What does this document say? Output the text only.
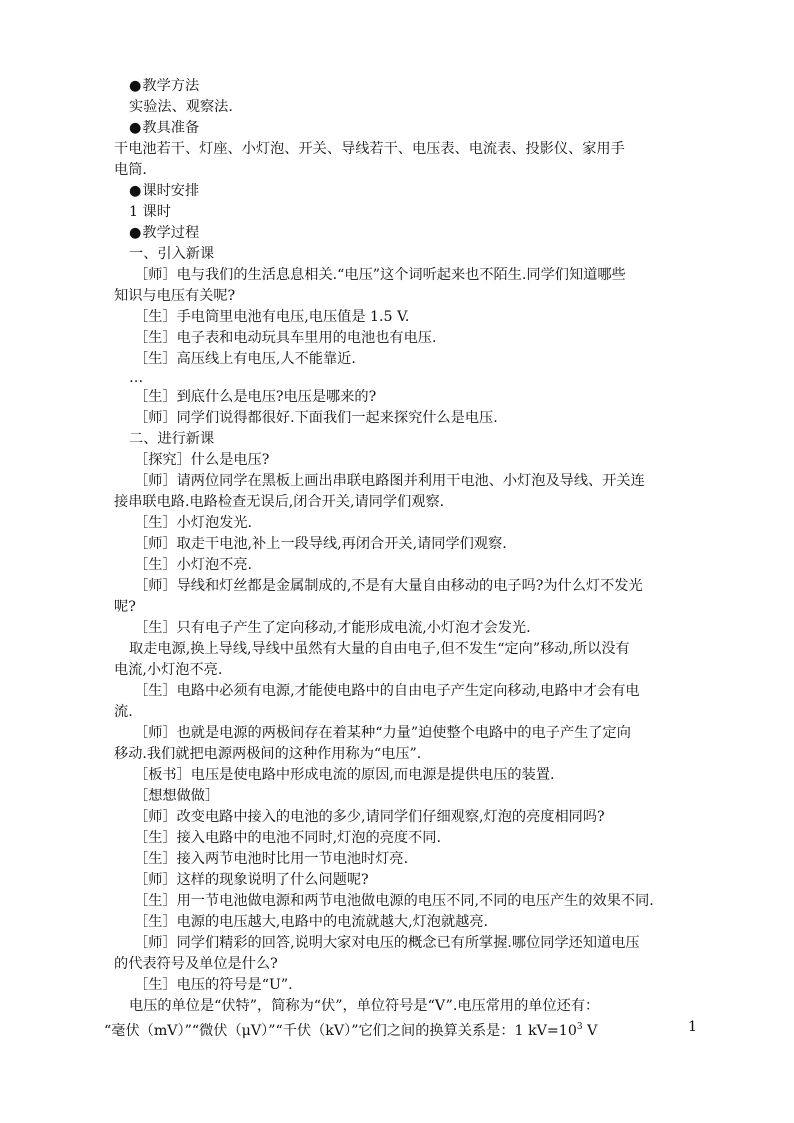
● 教学方法
实验法、观察法.
● 教具准备
干电池若干、灯座、小灯泡、开关、导线若干、电压表、电流表、投影仪、家用手
电筒.
● 课时安排
1 课时
● 教学过程
一、引入新课
［师］电与我们的生活息息相关.“电压”这个词听起来也不陌生.同学们知道哪些
知识与电压有关呢?
［生］手电筒里电池有电压,电压值是 1.5 V.
［生］电子表和电动玩具车里用的电池也有电压.
［生］高压线上有电压,人不能靠近.
…
［生］到底什么是电压?电压是哪来的?
［师］同学们说得都很好.下面我们一起来探究什么是电压.
二、进行新课
［探究］什么是电压?
［师］请两位同学在黑板上画出串联电路图并利用干电池、小灯泡及导线、开关连
接串联电路.电路检查无误后,闭合开关,请同学们观察.
［生］小灯泡发光.
［师］取走干电池,补上一段导线,再闭合开关,请同学们观察.
［生］小灯泡不亮.
［师］导线和灯丝都是金属制成的,不是有大量自由移动的电子吗?为什么灯不发光
呢?
［生］只有电子产生了定向移动,才能形成电流,小灯泡才会发光.
取走电源,换上导线,导线中虽然有大量的自由电子,但不发生“定向”移动,所以没有
电流,小灯泡不亮.
［生］电路中必须有电源,才能使电路中的自由电子产生定向移动,电路中才会有电
流.
［师］也就是电源的两极间存在着某种“力量”迫使整个电路中的电子产生了定向
移动.我们就把电源两极间的这种作用称为“电压”.
［板书］电压是使电路中形成电流的原因,而电源是提供电压的装置.
［想想做做］
［师］改变电路中接入的电池的多少,请同学们仔细观察,灯泡的亮度相同吗?
［生］接入电路中的电池不同时,灯泡的亮度不同.
［生］接入两节电池时比用一节电池时灯亮.
［师］这样的现象说明了什么问题呢?
［生］用一节电池做电源和两节电池做电源的电压不同,不同的电压产生的效果不同.
［生］电源的电压越大,电路中的电流就越大,灯泡就越亮.
［师］同学们精彩的回答,说明大家对电压的概念已有所掌握.哪位同学还知道电压
的代表符号及单位是什么?
［生］电压的符号是“U”.
电压的单位是“伏特”，简称为“伏”，单位符号是“V”.电压常用的单位还有：
“毫伏（mV）”“微伏（μV）”“千伏（kV）”它们之间的换算关系是：1 $kV=10^3$ V	1
